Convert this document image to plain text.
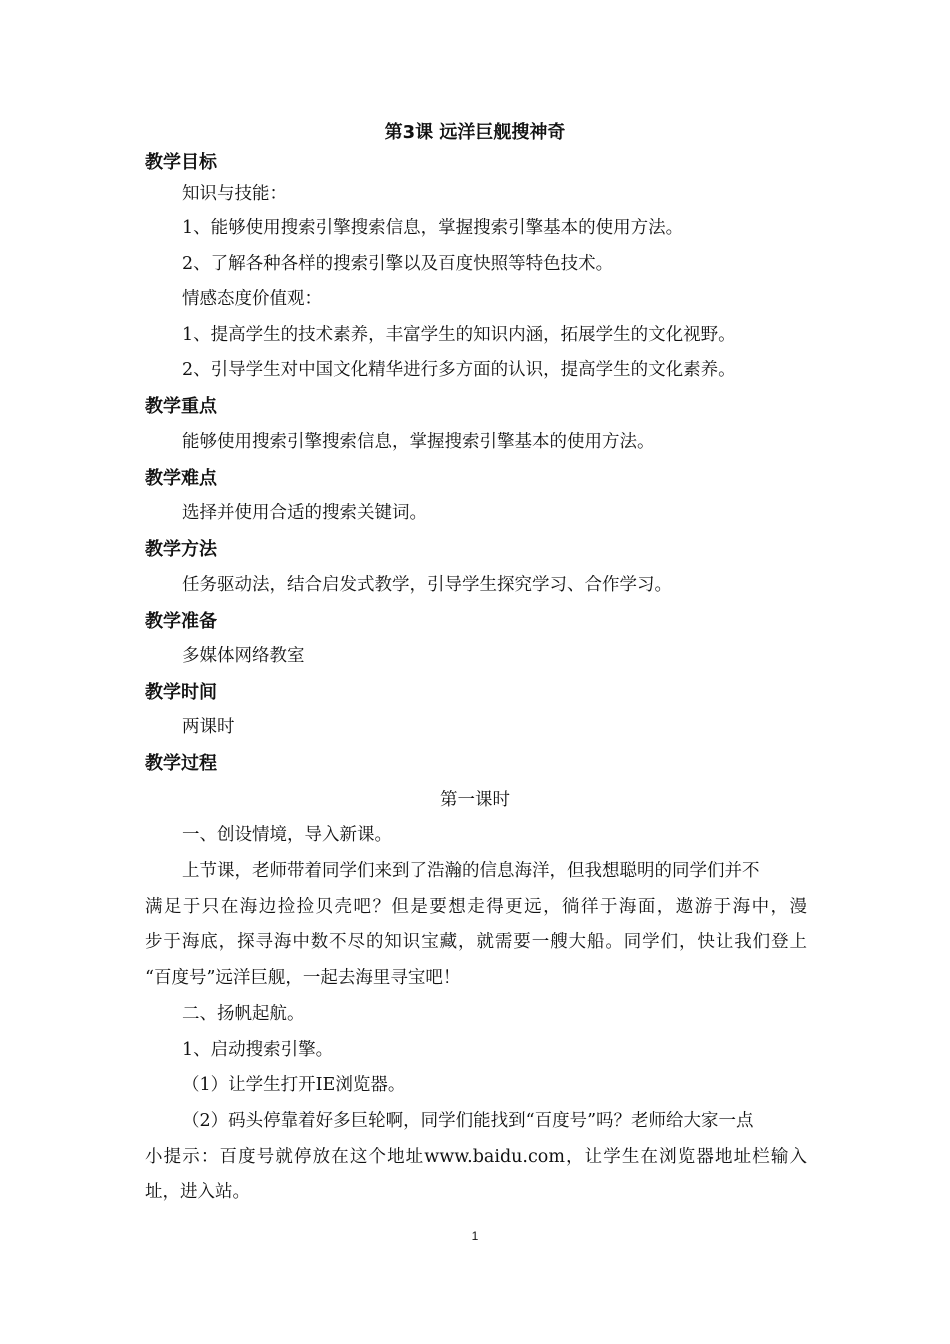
第3课 远洋巨舰搜神奇
教学目标
知识与技能：
1、能够使用搜索引擎搜索信息，掌握搜索引擎基本的使用方法。
2、了解各种各样的搜索引擎以及百度快照等特色技术。
情感态度价值观：
1、提高学生的技术素养，丰富学生的知识内涵，拓展学生的文化视野。
2、引导学生对中国文化精华进行多方面的认识，提高学生的文化素养。
教学重点
能够使用搜索引擎搜索信息，掌握搜索引擎基本的使用方法。
教学难点
选择并使用合适的搜索关键词。
教学方法
任务驱动法，结合启发式教学，引导学生探究学习、合作学习。
教学准备
多媒体网络教室
教学时间
两课时
教学过程
第一课时
一、创设情境，导入新课。
上节课，老师带着同学们来到了浩瀚的信息海洋，但我想聪明的同学们并不
满足于只在海边捡捡贝壳吧？但是要想走得更远，徜徉于海面，遨游于海中，漫
步于海底，探寻海中数不尽的知识宝藏，就需要一艘大船。同学们，快让我们登上
“百度号”远洋巨舰，一起去海里寻宝吧！
二、扬帆起航。
1、启动搜索引擎。
（1）让学生打开IE浏览器。
（2）码头停靠着好多巨轮啊，同学们能找到“百度号”吗？老师给大家一点
小提示：百度号就停放在这个地址www.baidu.com，让学生在浏览器地址栏输入
址，进入站。
1
